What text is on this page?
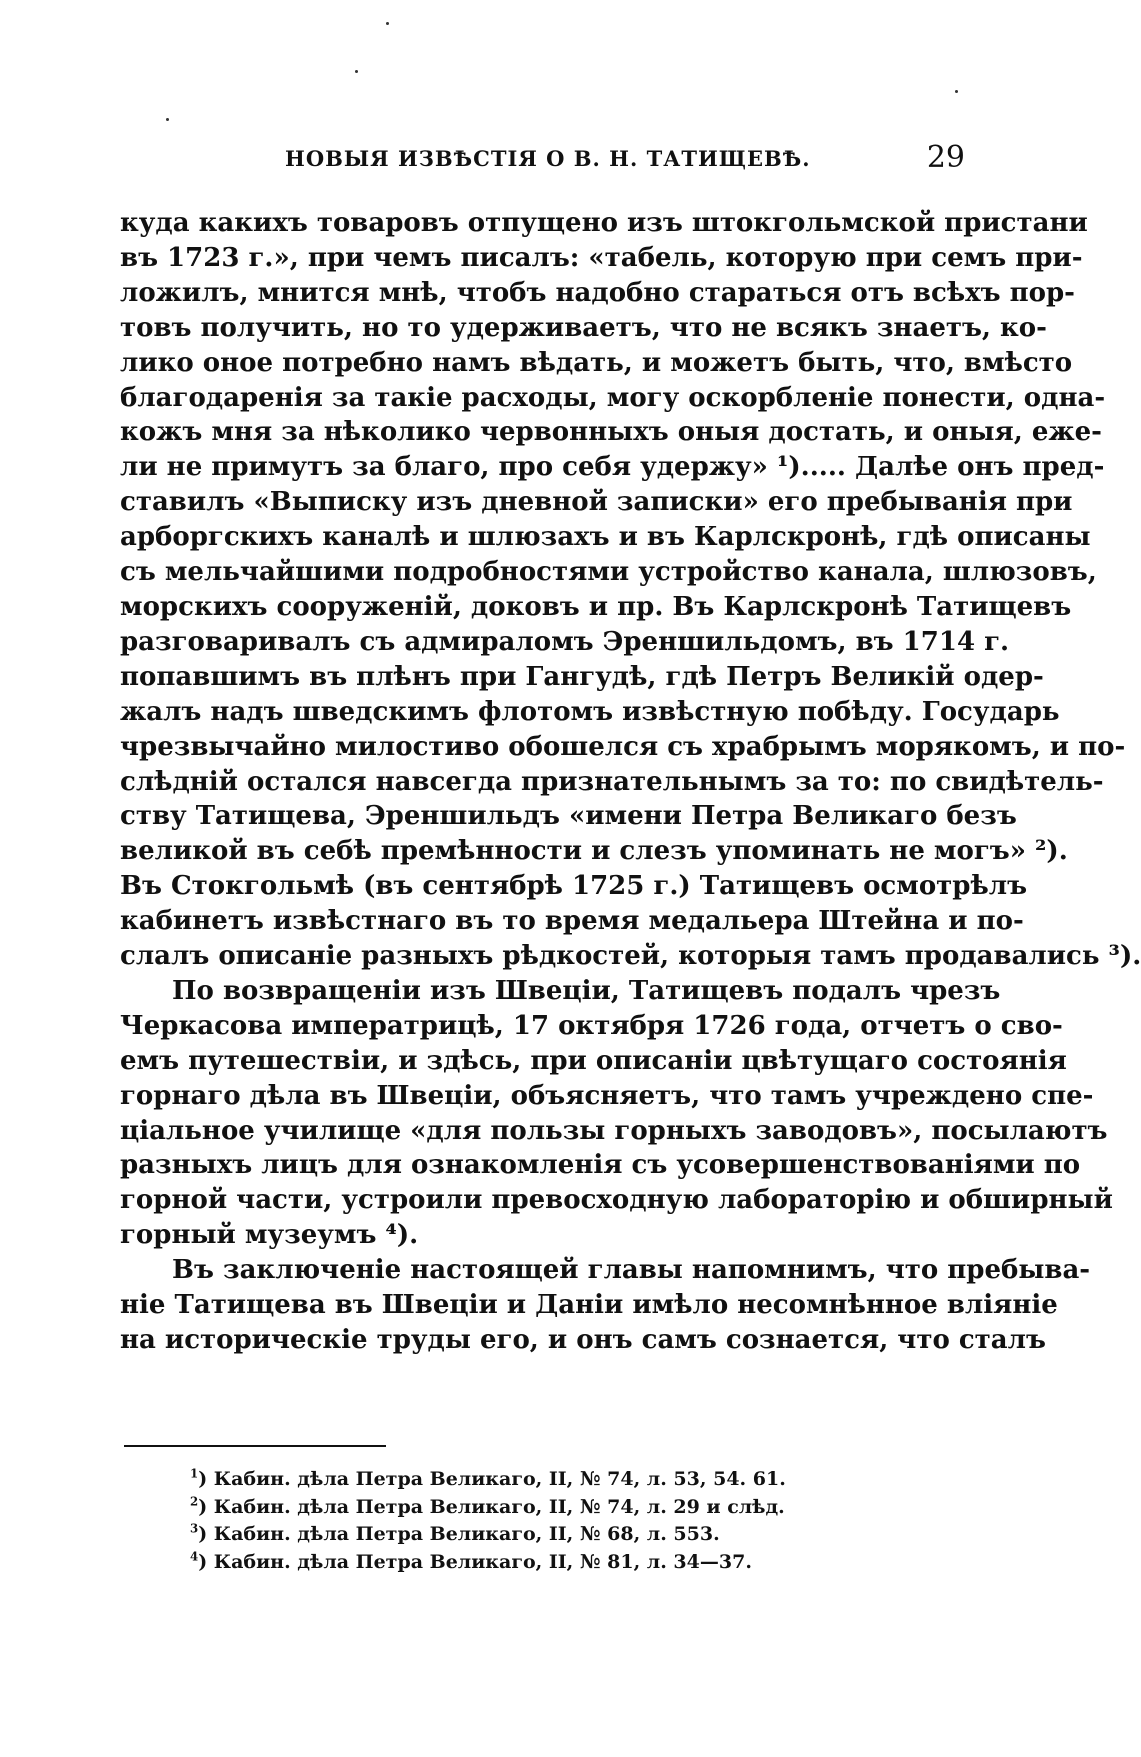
НОВЫЯ ИЗВѢСТІЯ О В. Н. ТАТИЩЕВѢ.	29
куда какихъ товаровъ отпущено изъ штокгольмской пристани
въ 1723 г.», при чемъ писалъ: «табель, которую при семъ при-
ложилъ, мнится мнѣ, чтобъ надобно стараться отъ всѣхъ пор-
товъ получить, но то удерживаетъ, что не всякъ знаетъ, ко-
лико оное потребно намъ вѣдать, и можетъ быть, что, вмѣсто
благодаренія за такіе расходы, могу оскорбленіе понести, одна-
кожъ мня за нѣколико червонныхъ оныя достать, и оныя, еже-
ли не примутъ за благо, про себя удержу» ¹)..... Далѣе онъ пред-
ставилъ «Выписку изъ дневной записки» его пребыванія при
арборгскихъ каналѣ и шлюзахъ и въ Карлскронѣ, гдѣ описаны
съ мельчайшими подробностями устройство канала, шлюзовъ,
морскихъ сооруженій, доковъ и пр. Въ Карлскронѣ Татищевъ
разговаривалъ съ адмираломъ Эреншильдомъ, въ 1714 г.
попавшимъ въ плѣнъ при Гангудѣ, гдѣ Петръ Великій одер-
жалъ надъ шведскимъ флотомъ извѣстную побѣду. Государь
чрезвычайно милостиво обошелся съ храбрымъ морякомъ, и по-
слѣдній остался навсегда признательнымъ за то: по свидѣтель-
ству Татищева, Эреншильдъ «имени Петра Великаго безъ
великой въ себѣ премѣнности и слезъ упоминать не могъ» ²).
Въ Стокгольмѣ (въ сентябрѣ 1725 г.) Татищевъ осмотрѣлъ
кабинетъ извѣстнаго въ то время медальера Штейна и по-
слалъ описаніе разныхъ рѣдкостей, которыя тамъ продавались ³).
По возвращеніи изъ Швеціи, Татищевъ подалъ чрезъ
Черкасова императрицѣ, 17 октября 1726 года, отчетъ о сво-
емъ путешествіи, и здѣсь, при описаніи цвѣтущаго состоянія
горнаго дѣла въ Швеціи, объясняетъ, что тамъ учреждено спе-
ціальное училище «для пользы горныхъ заводовъ», посылаютъ
разныхъ лицъ для ознакомленія съ усовершенствованіями по
горной части, устроили превосходную лабораторію и обширный
горный музеумъ ⁴).
Въ заключеніе настоящей главы напомнимъ, что пребыва-
ніе Татищева въ Швеціи и Даніи имѣло несомнѣнное вліяніе
на историческіе труды его, и онъ самъ сознается, что сталъ
$^1$) Кабин. дѣла Петра Великаго, II, № 74, л. 53, 54. 61.
$^2$) Кабин. дѣла Петра Великаго, II, № 74, л. 29 и слѣд.
$^3$) Кабин. дѣла Петра Великаго, II, № 68, л. 553.
$^4$) Кабин. дѣла Петра Великаго, II, № 81, л. 34—37.
